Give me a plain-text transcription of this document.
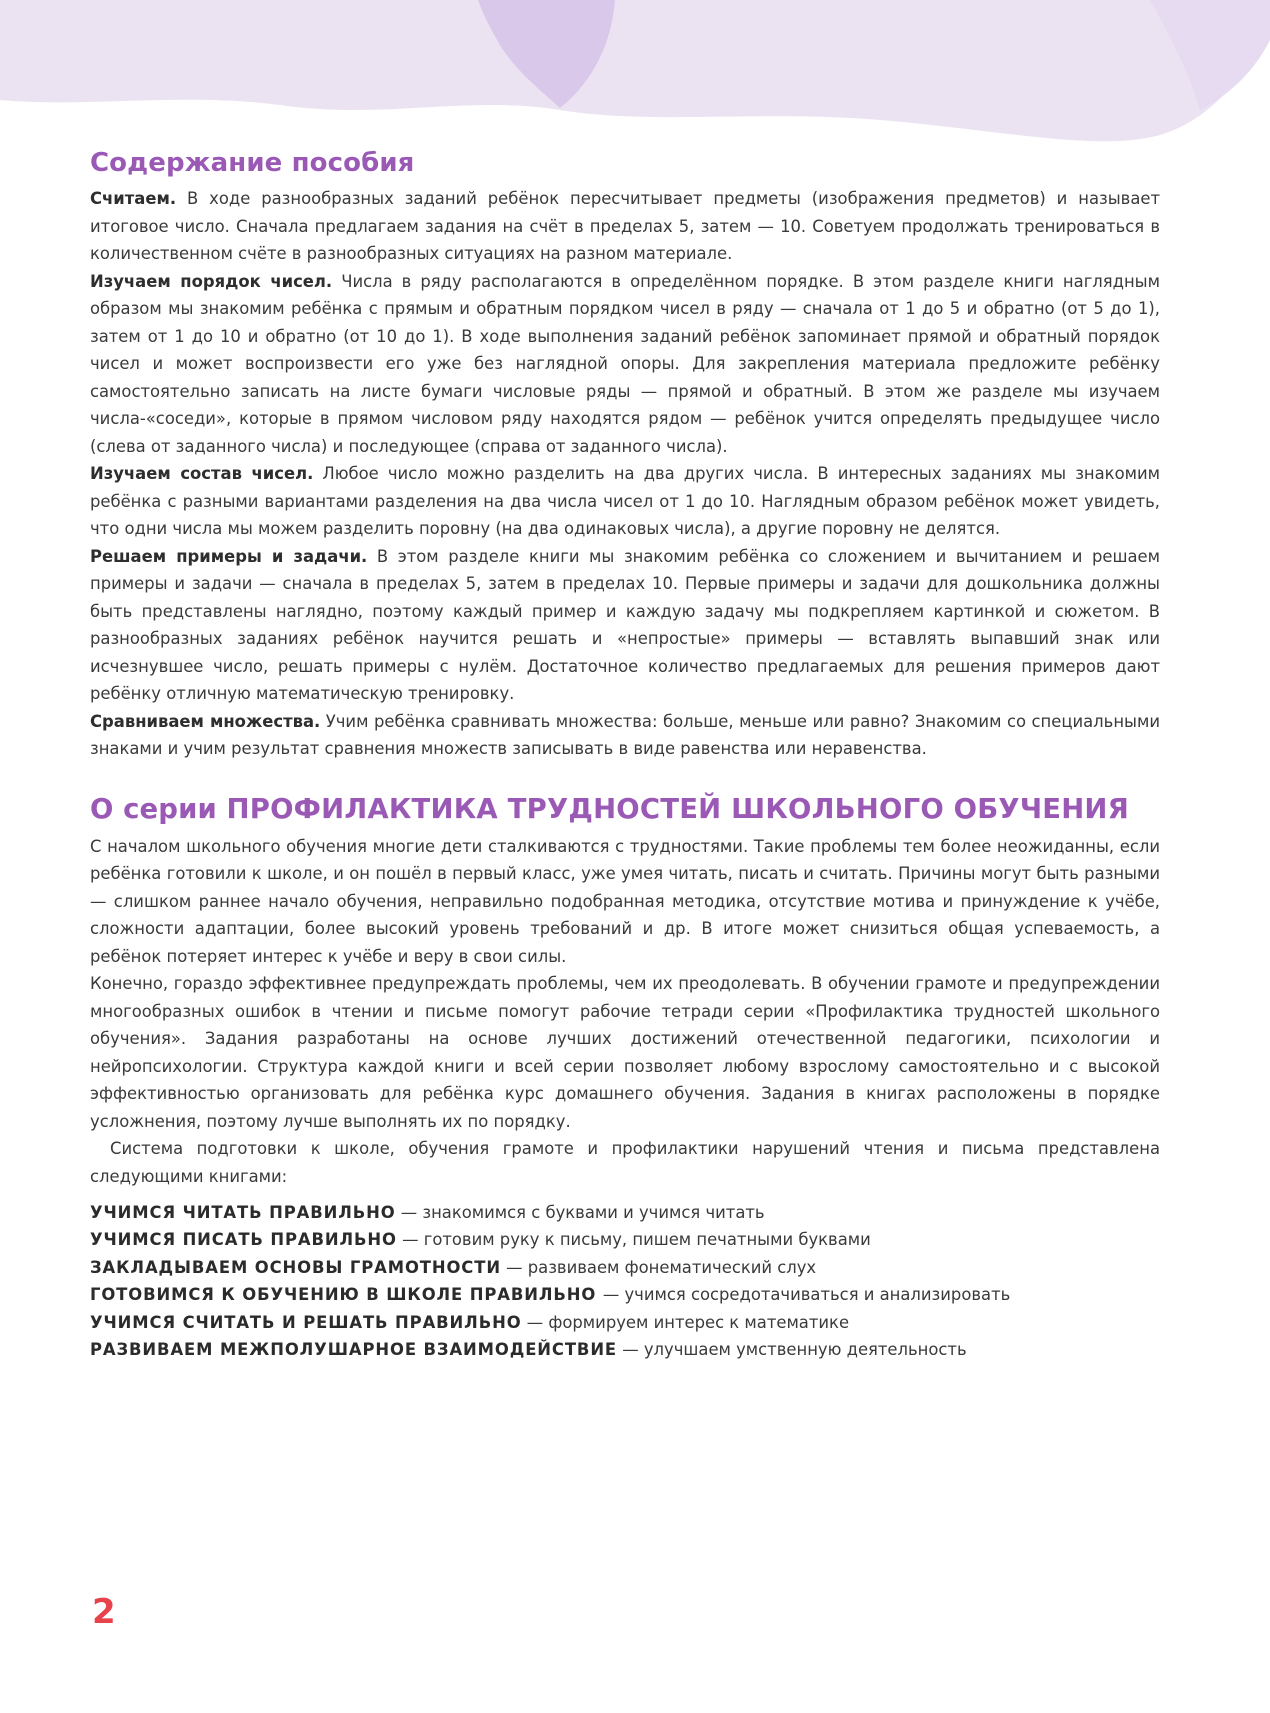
Содержание пособия

Считаем. В ходе разнообразных заданий ребёнок пересчитывает предметы (изображения предметов) и называет итоговое число. Сначала предлагаем задания на счёт в пределах 5, затем — 10. Советуем продолжать тренироваться в количественном счёте в разнообразных ситуациях на разном материале.

Изучаем порядок чисел. Числа в ряду располагаются в определённом порядке. В этом разделе книги наглядным образом мы знакомим ребёнка с прямым и обратным порядком чисел в ряду — сначала от 1 до 5 и обратно (от 5 до 1), затем от 1 до 10 и обратно (от 10 до 1). В ходе выполнения заданий ребёнок запоминает прямой и обратный порядок чисел и может воспроизвести его уже без наглядной опоры. Для закрепления материала предложите ребёнку самостоятельно записать на листе бумаги числовые ряды — прямой и обратный. В этом же разделе мы изучаем числа-«соседи», которые в прямом числовом ряду находятся рядом — ребёнок учится определять предыдущее число (слева от заданного числа) и последующее (справа от заданного числа).

Изучаем состав чисел. Любое число можно разделить на два других числа. В интересных заданиях мы знакомим ребёнка с разными вариантами разделения на два числа чисел от 1 до 10. Наглядным образом ребёнок может увидеть, что одни числа мы можем разделить поровну (на два одинаковых числа), а другие поровну не делятся.

Решаем примеры и задачи. В этом разделе книги мы знакомим ребёнка со сложением и вычитанием и решаем примеры и задачи — сначала в пределах 5, затем в пределах 10. Первые примеры и задачи для дошкольника должны быть представлены наглядно, поэтому каждый пример и каждую задачу мы подкрепляем картинкой и сюжетом. В разнообразных заданиях ребёнок научится решать и «непростые» примеры — вставлять выпавший знак или исчезнувшее число, решать примеры с нулём. Достаточное количество предлагаемых для решения примеров дают ребёнку отличную математическую тренировку.

Сравниваем множества. Учим ребёнка сравнивать множества: больше, меньше или равно? Знакомим со специальными знаками и учим результат сравнения множеств записывать в виде равенства или неравенства.

О серии ПРОФИЛАКТИКА ТРУДНОСТЕЙ ШКОЛЬНОГО ОБУЧЕНИЯ

С началом школьного обучения многие дети сталкиваются с трудностями. Такие проблемы тем более неожиданны, если ребёнка готовили к школе, и он пошёл в первый класс, уже умея читать, писать и считать. Причины могут быть разными — слишком раннее начало обучения, неправильно подобранная методика, отсутствие мотива и принуждение к учёбе, сложности адаптации, более высокий уровень требований и др. В итоге может снизиться общая успеваемость, а ребёнок потеряет интерес к учёбе и веру в свои силы.

Конечно, гораздо эффективнее предупреждать проблемы, чем их преодолевать. В обучении грамоте и предупреждении многообразных ошибок в чтении и письме помогут рабочие тетради серии «Профилактика трудностей школьного обучения». Задания разработаны на основе лучших достижений отечественной педагогики, психологии и нейропсихологии. Структура каждой книги и всей серии позволяет любому взрослому самостоятельно и с высокой эффективностью организовать для ребёнка курс домашнего обучения. Задания в книгах расположены в порядке усложнения, поэтому лучше выполнять их по порядку.

Система подготовки к школе, обучения грамоте и профилактики нарушений чтения и письма представлена следующими книгами:

УЧИМСЯ ЧИТАТЬ ПРАВИЛЬНО — знакомимся с буквами и учимся читать
УЧИМСЯ ПИСАТЬ ПРАВИЛЬНО — готовим руку к письму, пишем печатными буквами
ЗАКЛАДЫВАЕМ ОСНОВЫ ГРАМОТНОСТИ — развиваем фонематический слух
ГОТОВИМСЯ К ОБУЧЕНИЮ В ШКОЛЕ ПРАВИЛЬНО — учимся сосредотачиваться и анализировать
УЧИМСЯ СЧИТАТЬ И РЕШАТЬ ПРАВИЛЬНО — формируем интерес к математике
РАЗВИВАЕМ МЕЖПОЛУШАРНОЕ ВЗАИМОДЕЙСТВИЕ — улучшаем умственную деятельность
2
